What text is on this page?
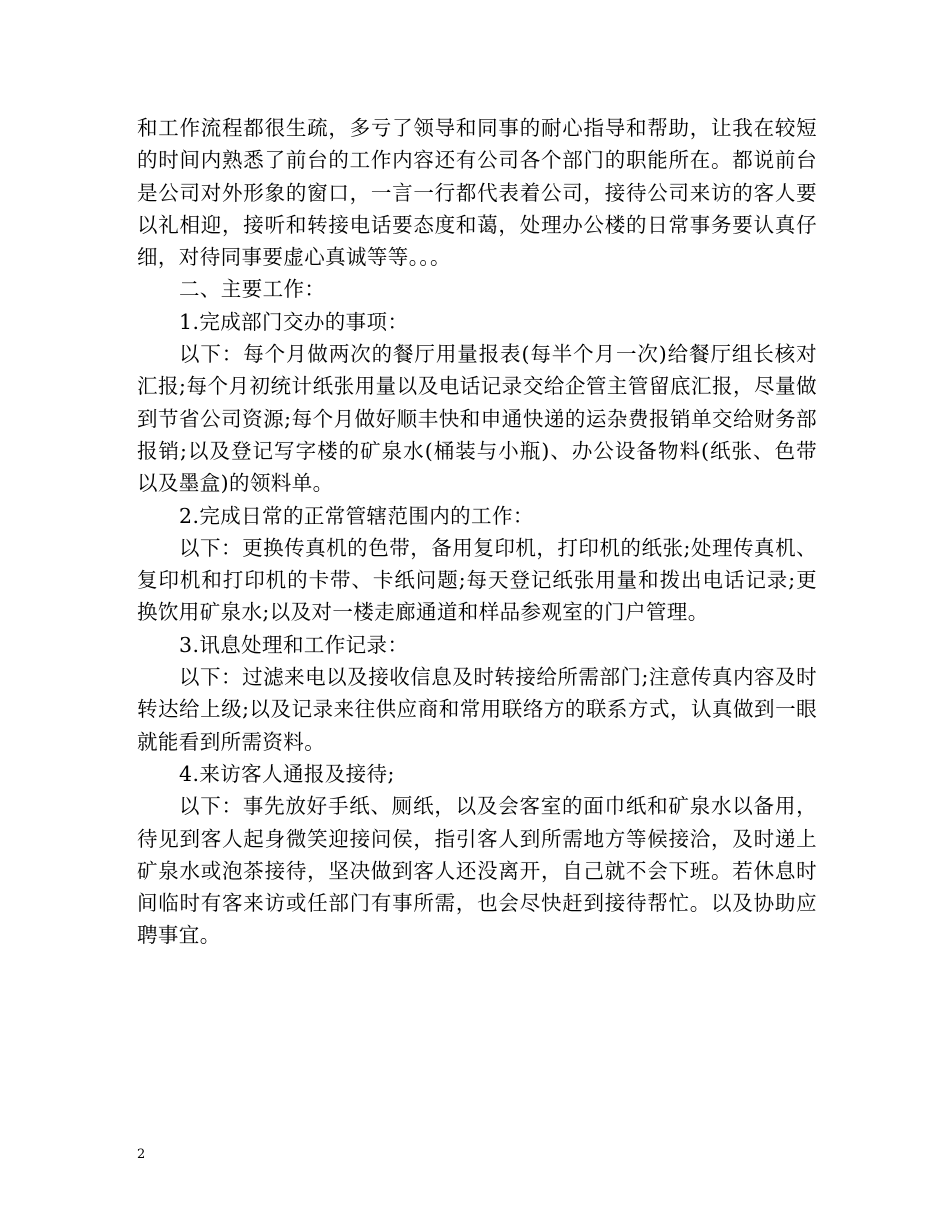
和工作流程都很生疏，多亏了领导和同事的耐心指导和帮助，让我在较短的时间内熟悉了前台的工作内容还有公司各个部门的职能所在。都说前台是公司对外形象的窗口，一言一行都代表着公司，接待公司来访的客人要以礼相迎，接听和转接电话要态度和蔼，处理办公楼的日常事务要认真仔细，对待同事要虚心真诚等等。。。

二、主要工作：

1.完成部门交办的事项：

以下：每个月做两次的餐厅用量报表(每半个月一次)给餐厅组长核对汇报;每个月初统计纸张用量以及电话记录交给企管主管留底汇报，尽量做到节省公司资源;每个月做好顺丰快和申通快递的运杂费报销单交给财务部报销;以及登记写字楼的矿泉水(桶装与小瓶)、办公设备物料(纸张、色带以及墨盒)的领料单。

2.完成日常的正常管辖范围内的工作：

以下：更换传真机的色带，备用复印机，打印机的纸张;处理传真机、复印机和打印机的卡带、卡纸问题;每天登记纸张用量和拨出电话记录;更换饮用矿泉水;以及对一楼走廊通道和样品参观室的门户管理。

3.讯息处理和工作记录：

以下：过滤来电以及接收信息及时转接给所需部门;注意传真内容及时转达给上级;以及记录来往供应商和常用联络方的联系方式，认真做到一眼就能看到所需资料。

4.来访客人通报及接待;

以下：事先放好手纸、厕纸，以及会客室的面巾纸和矿泉水以备用，待见到客人起身微笑迎接问侯，指引客人到所需地方等候接洽，及时递上矿泉水或泡茶接待，坚决做到客人还没离开，自己就不会下班。若休息时间临时有客来访或任部门有事所需，也会尽快赶到接待帮忙。以及协助应聘事宜。

2
